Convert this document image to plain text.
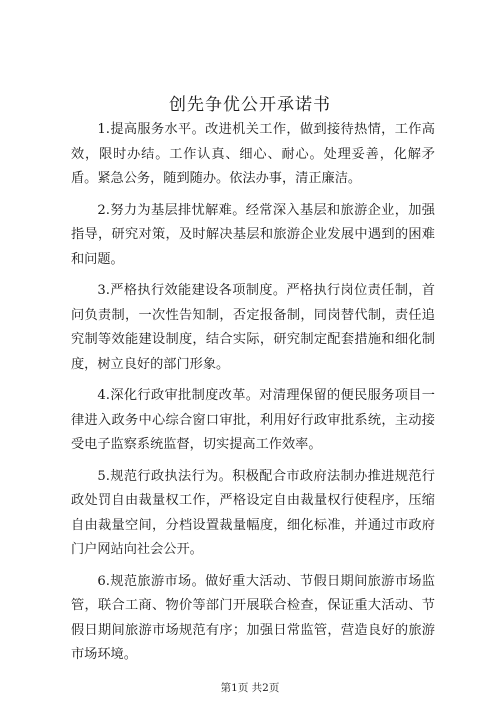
创先争优公开承诺书

1.提高服务水平。改进机关工作，做到接待热情，工作高效，限时办结。工作认真、细心、耐心。处理妥善，化解矛盾。紧急公务，随到随办。依法办事，清正廉洁。

2.努力为基层排忧解难。经常深入基层和旅游企业，加强指导，研究对策，及时解决基层和旅游企业发展中遇到的困难和问题。

3.严格执行效能建设各项制度。严格执行岗位责任制，首问负责制，一次性告知制，否定报备制，同岗替代制，责任追究制等效能建设制度，结合实际，研究制定配套措施和细化制度，树立良好的部门形象。

4.深化行政审批制度改革。对清理保留的便民服务项目一律进入政务中心综合窗口审批，利用好行政审批系统，主动接受电子监察系统监督，切实提高工作效率。

5.规范行政执法行为。积极配合市政府法制办推进规范行政处罚自由裁量权工作，严格设定自由裁量权行使程序，压缩自由裁量空间，分档设置裁量幅度，细化标准，并通过市政府门户网站向社会公开。

6.规范旅游市场。做好重大活动、节假日期间旅游市场监管，联合工商、物价等部门开展联合检查，保证重大活动、节假日期间旅游市场规范有序；加强日常监管，营造良好的旅游市场环境。

第1页 共2页
